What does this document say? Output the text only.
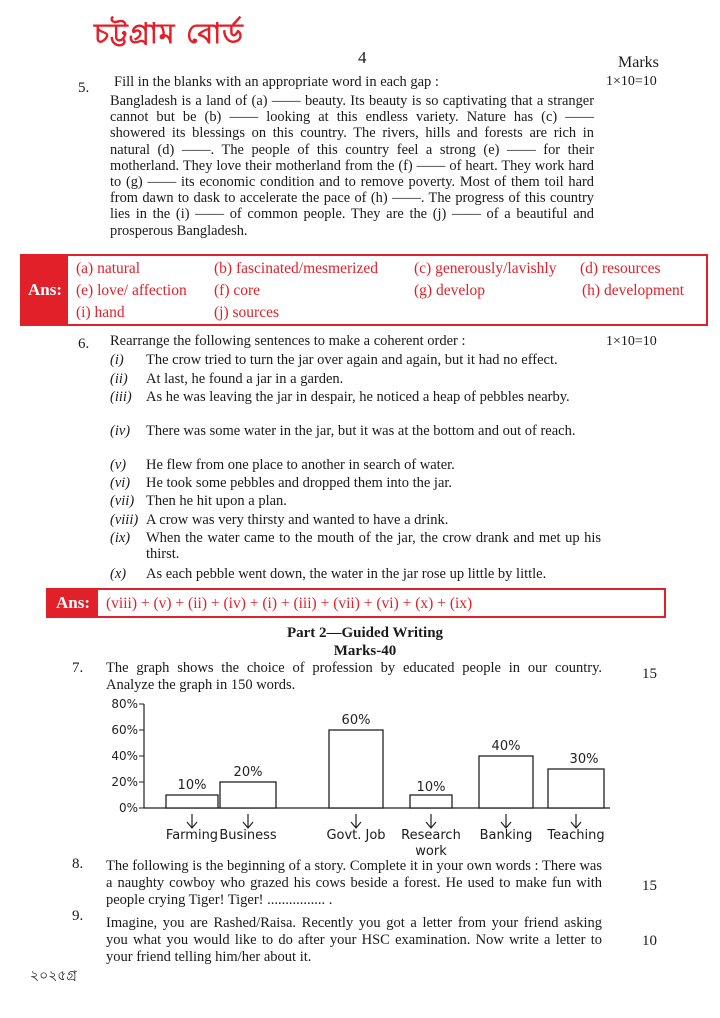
চট্টগ্রাম বোর্ড
4	Marks
5. Fill in the blanks with an appropriate word in each gap :	1×10=10
Bangladesh is a land of (a) —— beauty. Its beauty is so captivating that a stranger cannot but be (b) —— looking at this endless variety. Nature has (c) —— showered its blessings on this country. The rivers, hills and forests are rich in natural (d) ——. The people of this country feel a strong (e) —— for their motherland. They love their motherland from the (f) —— of heart. They work hard to (g) —— its economic condition and to remove poverty. Most of them toil hard from dawn to dask to accelerate the pace of (h) ——. The progress of this country lies in the (i) —— of common people. They are the (j) —— of a beautiful and prosperous Bangladesh.
Ans:
(a) natural	(b) fascinated/mesmerized (c) generously/lavishly (d) resources
(e) love/ affection (f) core	(g) develop	(h) development
(i) hand	(j) sources
6. Rearrange the following sentences to make a coherent order :	1×10=10
(i)	The crow tried to turn the jar over again and again, but it had no effect.
(ii)	At last, he found a jar in a garden.
(iii) As he was leaving the jar in despair, he noticed a heap of pebbles nearby.
(iv)	There was some water in the jar, but it was at the bottom and out of reach.
(v)	He flew from one place to another in search of water.
(vi)	He took some pebbles and dropped them into the jar.
(vii) Then he hit upon a plan.
(viii) A crow was very thirsty and wanted to have a drink.
(ix)	When the water came to the mouth of the jar, the crow drank and met up his thirst.
(x)	As each pebble went down, the water in the jar rose up little by little.
Ans:	(viii) + (v) + (ii) + (iv) + (i) + (iii) + (vii) + (vi) + (x) + (ix)
Part 2—Guided Writing
Marks-40
7. The graph shows the choice of profession by educated people in our country. Analyze the graph in 150 words.
15
80%
60%
40%
20%
0%
10%
20%
60%
10%
40%
30%
Farming Business	Govt. Job	Research work
Banking	Teaching
8. The following is the beginning of a story. Complete it in your own words : There was a naughty cowboy who grazed his cows beside a forest. He used to make fun with people crying Tiger! Tiger! ................ .
15
9. Imagine, you are Rashed/Raisa. Recently you got a letter from your friend asking you what you would like to do after your HSC examination. Now write a letter to your friend telling him/her about it.
10
২০২৫গ্র
